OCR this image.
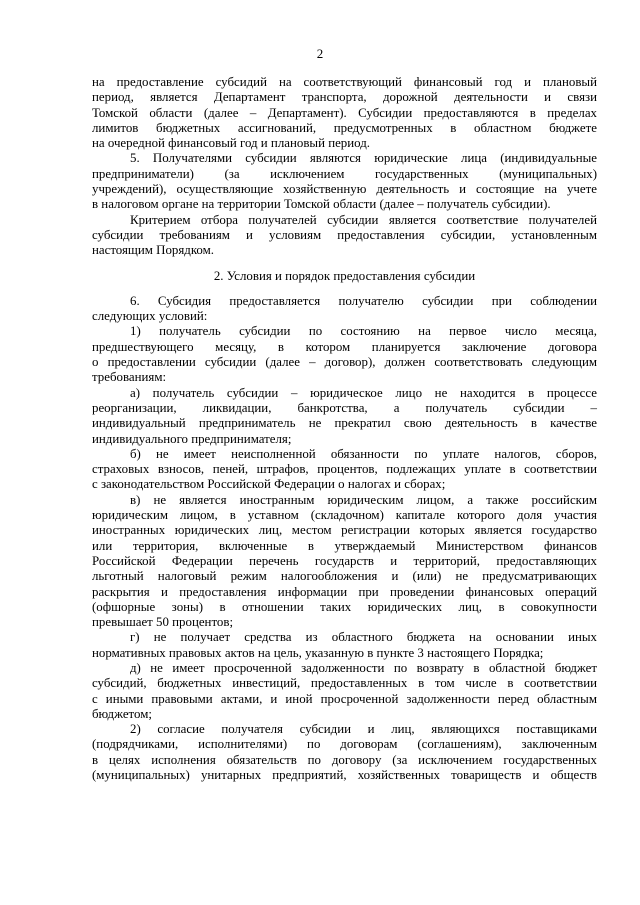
2
на предоставление субсидий на соответствующий финансовый год и плановый
период, является Департамент транспорта, дорожной деятельности и связи
Томской области (далее – Департамент). Субсидии предоставляются в пределах
лимитов бюджетных ассигнований, предусмотренных в областном бюджете
на очередной финансовый год и плановый период.
5. Получателями субсидии являются юридические лица (индивидуальные
предприниматели) (за исключением государственных (муниципальных)
учреждений), осуществляющие хозяйственную деятельность и состоящие на учете
в налоговом органе на территории Томской области (далее – получатель субсидии).
Критерием отбора получателей субсидии является соответствие получателей
субсидии требованиям и условиям предоставления субсидии, установленным
настоящим Порядком.
2. Условия и порядок предоставления субсидии
6. Субсидия предоставляется получателю субсидии при соблюдении
следующих условий:
1) получатель субсидии по состоянию на первое число месяца,
предшествующего месяцу, в котором планируется заключение договора
о предоставлении субсидии (далее – договор), должен соответствовать следующим
требованиям:
а) получатель субсидии – юридическое лицо не находится в процессе
реорганизации, ликвидации, банкротства, а получатель субсидии –
индивидуальный предприниматель не прекратил свою деятельность в качестве
индивидуального предпринимателя;
б) не имеет неисполненной обязанности по уплате налогов, сборов,
страховых взносов, пеней, штрафов, процентов, подлежащих уплате в соответствии
с законодательством Российской Федерации о налогах и сборах;
в) не является иностранным юридическим лицом, а также российским
юридическим лицом, в уставном (складочном) капитале которого доля участия
иностранных юридических лиц, местом регистрации которых является государство
или территория, включенные в утверждаемый Министерством финансов
Российской Федерации перечень государств и территорий, предоставляющих
льготный налоговый режим налогообложения и (или) не предусматривающих
раскрытия и предоставления информации при проведении финансовых операций
(офшорные зоны) в отношении таких юридических лиц, в совокупности
превышает 50 процентов;
г) не получает средства из областного бюджета на основании иных
нормативных правовых актов на цель, указанную в пункте 3 настоящего Порядка;
д) не имеет просроченной задолженности по возврату в областной бюджет
субсидий, бюджетных инвестиций, предоставленных в том числе в соответствии
с иными правовыми актами, и иной просроченной задолженности перед областным
бюджетом;
2) согласие получателя субсидии и лиц, являющихся поставщиками
(подрядчиками, исполнителями) по договорам (соглашениям), заключенным
в целях исполнения обязательств по договору (за исключением государственных
(муниципальных) унитарных предприятий, хозяйственных товариществ и обществ
